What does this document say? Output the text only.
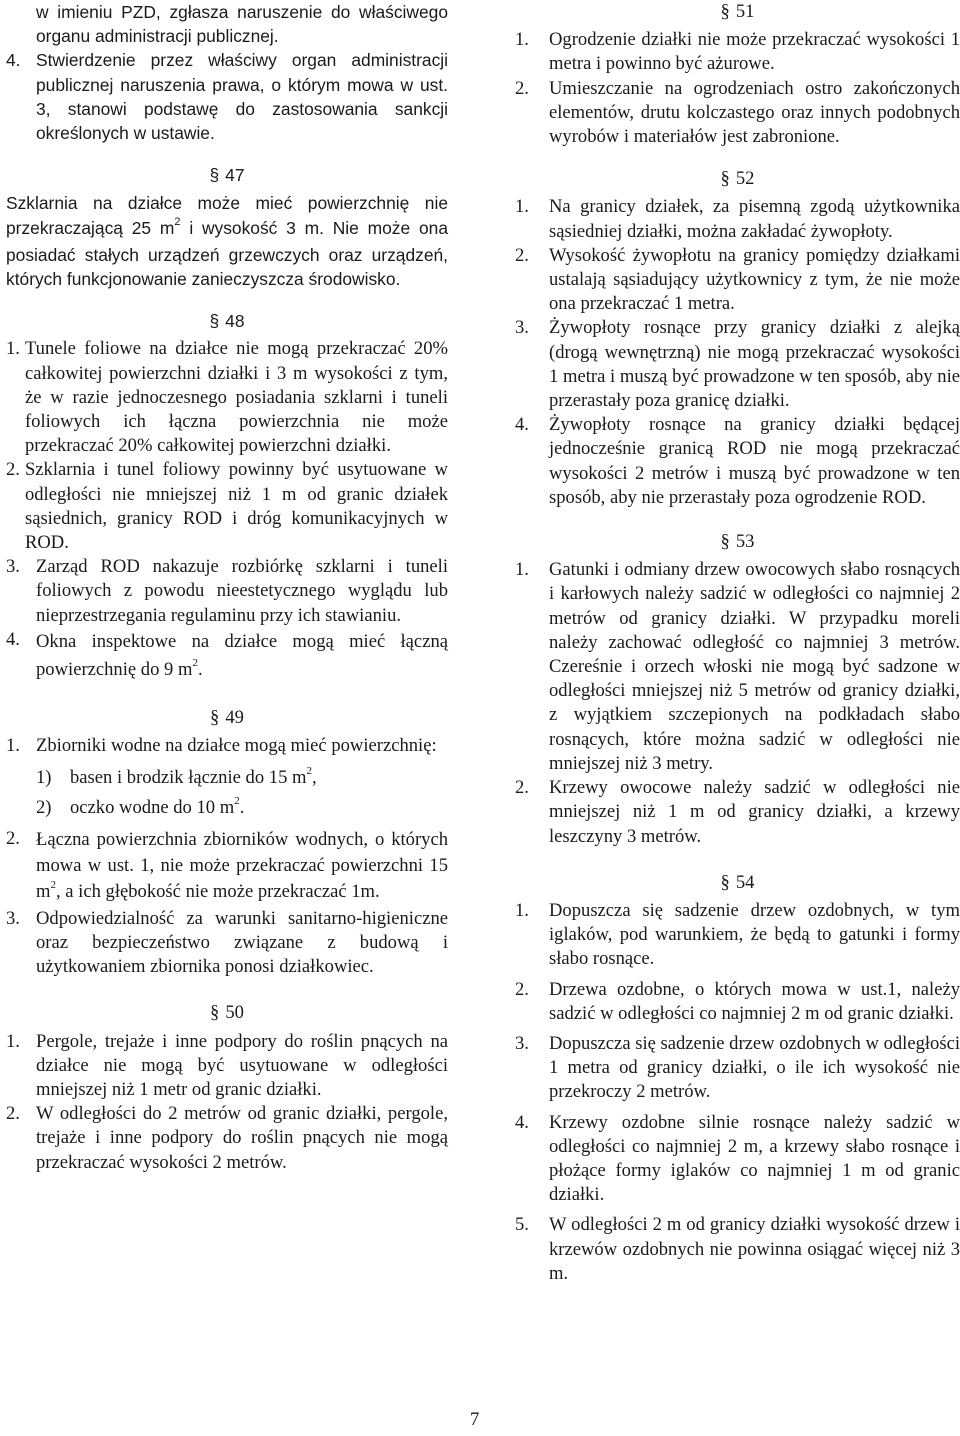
w imieniu PZD, zgłasza naruszenie do właściwego organu administracji publicznej.
4. Stwierdzenie przez właściwy organ administracji publicznej naruszenia prawa, o którym mowa w ust. 3, stanowi podstawę do zastosowania sankcji określonych w ustawie.
§ 47
Szklarnia na działce może mieć powierzchnię nie przekraczającą 25 $m^2$ i wysokość 3 m. Nie może ona posiadać stałych urządzeń grzewczych oraz urządzeń, których funkcjonowanie zanieczyszcza środowisko.
§ 48
1. Tunele foliowe na działce nie mogą przekraczać 20% całkowitej powierzchni działki i 3 m wysokości z tym, że w razie jednoczesnego posiadania szklarni i tuneli foliowych ich łączna powierzchnia nie może przekraczać 20% całkowitej powierzchni działki.
2. Szklarnia i tunel foliowy powinny być usytuowane w odległości nie mniejszej niż 1 m od granic działek sąsiednich, granicy ROD i dróg komunikacyjnych w ROD.
3. Zarząd ROD nakazuje rozbiórkę szklarni i tuneli foliowych z powodu nieestetycznego wyglądu lub nieprzestrzegania regulaminu przy ich stawianiu.
4. Okna inspektowe na działce mogą mieć łączną powierzchnię do 9 $m^2$.
§ 49
1. Zbiorniki wodne na działce mogą mieć powierzchnię:
1) basen i brodzik łącznie do 15 $m^2$,
2) oczko wodne do 10 $m^2$.
2. Łączna powierzchnia zbiorników wodnych, o których mowa w ust. 1, nie może przekraczać powierzchni 15 $m^2$, a ich głębokość nie może przekraczać 1m.
3. Odpowiedzialność za warunki sanitarno-higieniczne oraz bezpieczeństwo związane z budową i użytkowaniem zbiornika ponosi działkowiec.
§ 50
1. Pergole, trejaże i inne podpory do roślin pnących na działce nie mogą być usytuowane w odległości mniejszej niż 1 metr od granic działki.
2. W odległości do 2 metrów od granic działki, pergole, trejaże i inne podpory do roślin pnących nie mogą przekraczać wysokości 2 metrów.
§ 51
1.	Ogrodzenie działki nie może przekraczać wysokości 1 metra i powinno być ażurowe.
2.	Umieszczanie na ogrodzeniach ostro zakończonych elementów, drutu kolczastego oraz innych podobnych wyrobów i materiałów jest zabronione.
§ 52
1.	Na granicy działek, za pisemną zgodą użytkownika sąsiedniej działki, można zakładać żywopłoty.
2.	Wysokość żywopłotu na granicy pomiędzy działkami ustalają sąsiadujący użytkownicy z tym, że nie może ona przekraczać 1 metra.
3.	Żywopłoty rosnące przy granicy działki z alejką (drogą wewnętrzną) nie mogą przekraczać wysokości 1 metra i muszą być prowadzone w ten sposób, aby nie przerastały poza granicę działki.
4.	Żywopłoty rosnące na granicy działki będącej jednocześnie granicą ROD nie mogą przekraczać wysokości 2 metrów i muszą być prowadzone w ten sposób, aby nie przerastały poza ogrodzenie ROD.
§ 53
1.	Gatunki i odmiany drzew owocowych słabo rosnących i karłowych należy sadzić w odległości co najmniej 2 metrów od granicy działki. W przypadku moreli należy zachować odległość co najmniej 3 metrów. Czereśnie i orzech włoski nie mogą być sadzone w odległości mniejszej niż 5 metrów od granicy działki, z wyjątkiem szczepionych na podkładach słabo rosnących, które można sadzić w odległości nie mniejszej niż 3 metry.
2.	Krzewy owocowe należy sadzić w odległości nie mniejszej niż 1 m od granicy działki, a krzewy leszczyny 3 metrów.
§ 54
1.	Dopuszcza się sadzenie drzew ozdobnych, w tym iglaków, pod warunkiem, że będą to gatunki i formy słabo rosnące.
2.	Drzewa ozdobne, o których mowa w ust.1, należy sadzić w odległości co najmniej 2 m od granic działki.
3.	Dopuszcza się sadzenie drzew ozdobnych w odległości 1 metra od granicy działki, o ile ich wysokość nie przekroczy 2 metrów.
4.	Krzewy ozdobne silnie rosnące należy sadzić w odległości co najmniej 2 m, a krzewy słabo rosnące i płożące formy iglaków co najmniej 1 m od granic działki.
5.	W odległości 2 m od granicy działki wysokość drzew i krzewów ozdobnych nie powinna osiągać więcej niż 3 m.
7
